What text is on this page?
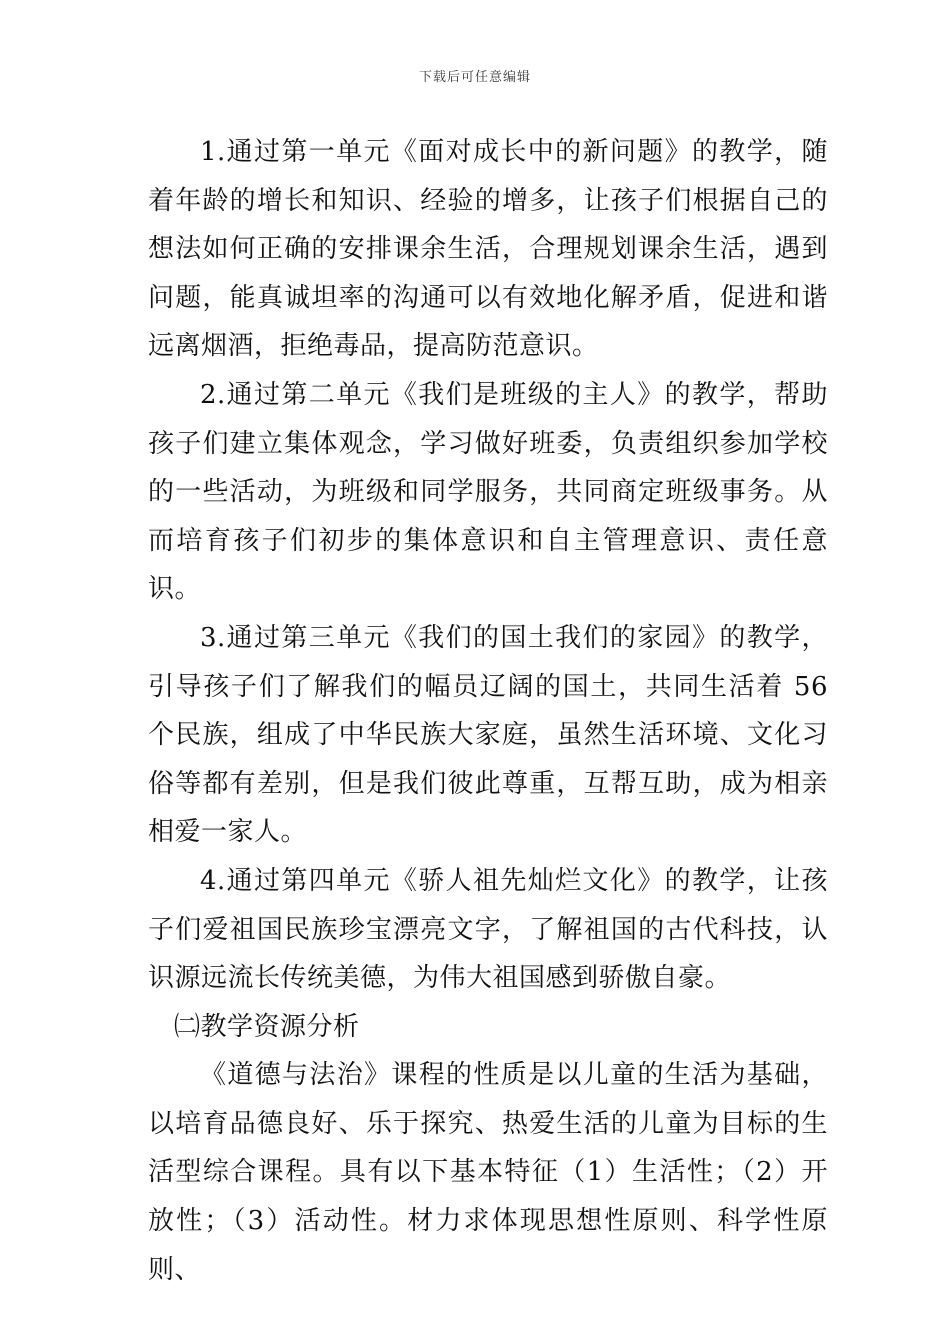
下载后可任意编辑

1.通过第一单元《面对成长中的新问题》的教学，随着年龄的增长和知识、经验的增多，让孩子们根据自己的想法如何正确的安排课余生活，合理规划课余生活，遇到问题，能真诚坦率的沟通可以有效地化解矛盾，促进和谐远离烟酒，拒绝毒品，提高防范意识。

2.通过第二单元《我们是班级的主人》的教学，帮助孩子们建立集体观念，学习做好班委，负责组织参加学校的一些活动，为班级和同学服务，共同商定班级事务。从而培育孩子们初步的集体意识和自主管理意识、责任意识。

3.通过第三单元《我们的国土我们的家园》的教学，引导孩子们了解我们的幅员辽阔的国土，共同生活着 56 个民族，组成了中华民族大家庭，虽然生活环境、文化习俗等都有差别，但是我们彼此尊重，互帮互助，成为相亲相爱一家人。

4.通过第四单元《骄人祖先灿烂文化》的教学，让孩子们爱祖国民族珍宝漂亮文字，了解祖国的古代科技，认识源远流长传统美德，为伟大祖国感到骄傲自豪。

㈡教学资源分析

《道德与法治》课程的性质是以儿童的生活为基础，以培育品德良好、乐于探究、热爱生活的儿童为目标的生活型综合课程。具有以下基本特征（1）生活性；（2）开放性；（3）活动性。材力求体现思想性原则、科学性原则、
